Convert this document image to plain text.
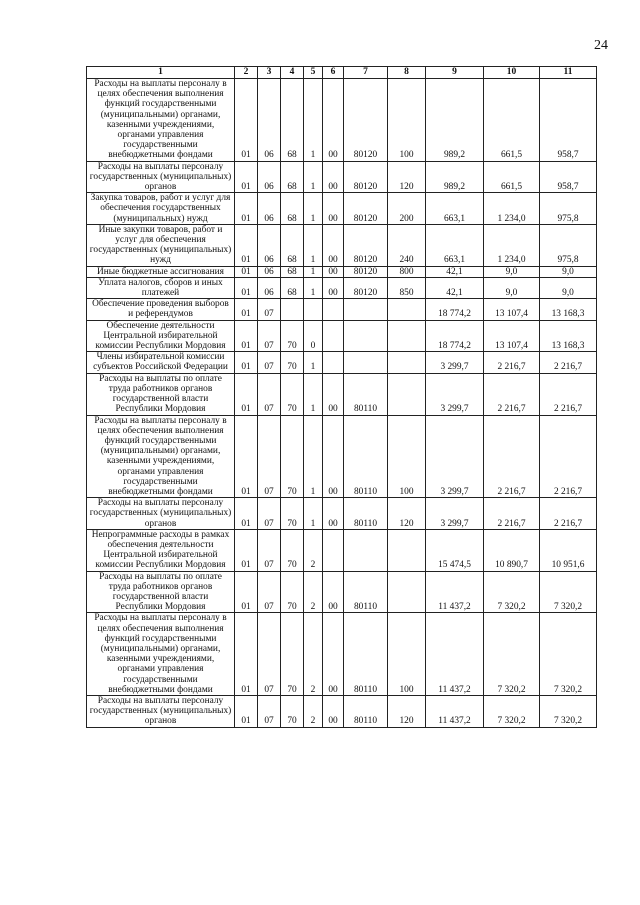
24
1	2	3	4	5	6	7	8	9	10	11
Расходы на выплаты персоналу в целях обеспечения выполнения функций государственными (муниципальными) органами, казенными учреждениями, органами управления государственными внебюджетными фондами	01	06	68	1	00	80120	100	989,2	661,5	958,7
Расходы на выплаты персоналу государственных (муниципальных) органов	01	06	68	1	00	80120	120	989,2	661,5	958,7
Закупка товаров, работ и услуг для обеспечения государственных (муниципальных) нужд	01	06	68	1	00	80120	200	663,1	1 234,0	975,8
Иные закупки товаров, работ и услуг для обеспечения государственных (муниципальных) нужд	01	06	68	1	00	80120	240	663,1	1 234,0	975,8
Иные бюджетные ассигнования	01	06	68	1	00	80120	800	42,1	9,0	9,0
Уплата налогов, сборов и иных платежей	01	06	68	1	00	80120	850	42,1	9,0	9,0
Обеспечение проведения выборов и референдумов	01	07						18 774,2	13 107,4	13 168,3
Обеспечение деятельности Центральной избирательной комиссии Республики Мордовия	01	07	70	0				18 774,2	13 107,4	13 168,3
Члены избирательной комиссии субъектов Российской Федерации	01	07	70	1				3 299,7	2 216,7	2 216,7
Расходы на выплаты по оплате труда работников органов государственной власти Республики Мордовия	01	07	70	1	00	80110		3 299,7	2 216,7	2 216,7
Расходы на выплаты персоналу в целях обеспечения выполнения функций государственными (муниципальными) органами, казенными учреждениями, органами управления государственными внебюджетными фондами	01	07	70	1	00	80110	100	3 299,7	2 216,7	2 216,7
Расходы на выплаты персоналу государственных (муниципальных) органов	01	07	70	1	00	80110	120	3 299,7	2 216,7	2 216,7
Непрограммные расходы в рамках обеспечения деятельности Центральной избирательной комиссии Республики Мордовия	01	07	70	2				15 474,5	10 890,7	10 951,6
Расходы на выплаты по оплате труда работников органов государственной власти Республики Мордовия	01	07	70	2	00	80110		11 437,2	7 320,2	7 320,2
Расходы на выплаты персоналу в целях обеспечения выполнения функций государственными (муниципальными) органами, казенными учреждениями, органами управления государственными внебюджетными фондами	01	07	70	2	00	80110	100	11 437,2	7 320,2	7 320,2
Расходы на выплаты персоналу государственных (муниципальных) органов	01	07	70	2	00	80110	120	11 437,2	7 320,2	7 320,2
